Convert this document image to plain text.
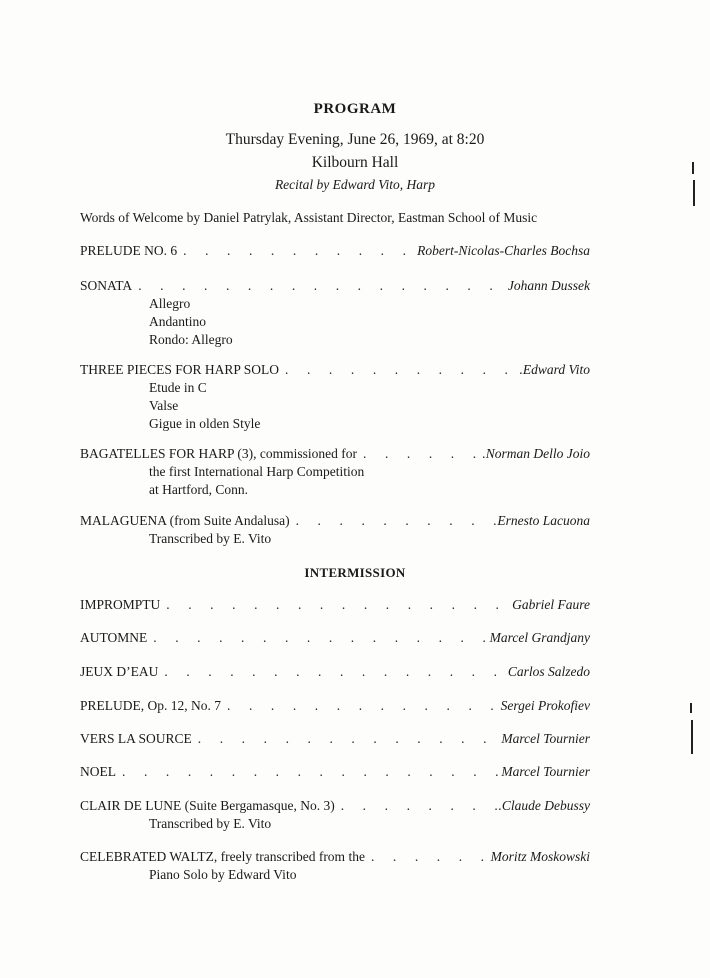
PROGRAM
Thursday Evening, June 26, 1969, at 8:20
Kilbourn Hall
Recital by Edward Vito, Harp
Words of Welcome by Daniel Patrylak, Assistant Director, Eastman School of Music
PRELUDE NO. 6 . . .	Robert-Nicolas-Charles Bochsa
SONATA . . .	Johann Dussek
Allegro
Andantino
Rondo: Allegro
THREE PIECES FOR HARP SOLO . . .	.Edward Vito
Etude in C
Valse
Gigue in olden Style
BAGATELLES FOR HARP (3), commissioned for . . .	.Norman Dello Joio
the first International Harp Competition
at Hartford, Conn.
MALAGUENA (from Suite Andalusa) . . .	Ernesto Lacuona
Transcribed by E. Vito
INTERMISSION
IMPROMPTU . . .	Gabriel Faure
AUTOMNE . . .	Marcel Grandjany
JEUX D’EAU . . .	Carlos Salzedo
PRELUDE, Op. 12, No. 7 . . .	Sergei Prokofiev
VERS LA SOURCE . . .	Marcel Tournier
NOEL . . .	Marcel Tournier
CLAIR DE LUNE (Suite Bergamasque, No. 3) . . .	.Claude Debussy
Transcribed by E. Vito
CELEBRATED WALTZ, freely transcribed from the . . .	Moritz Moskowski
Piano Solo by Edward Vito
